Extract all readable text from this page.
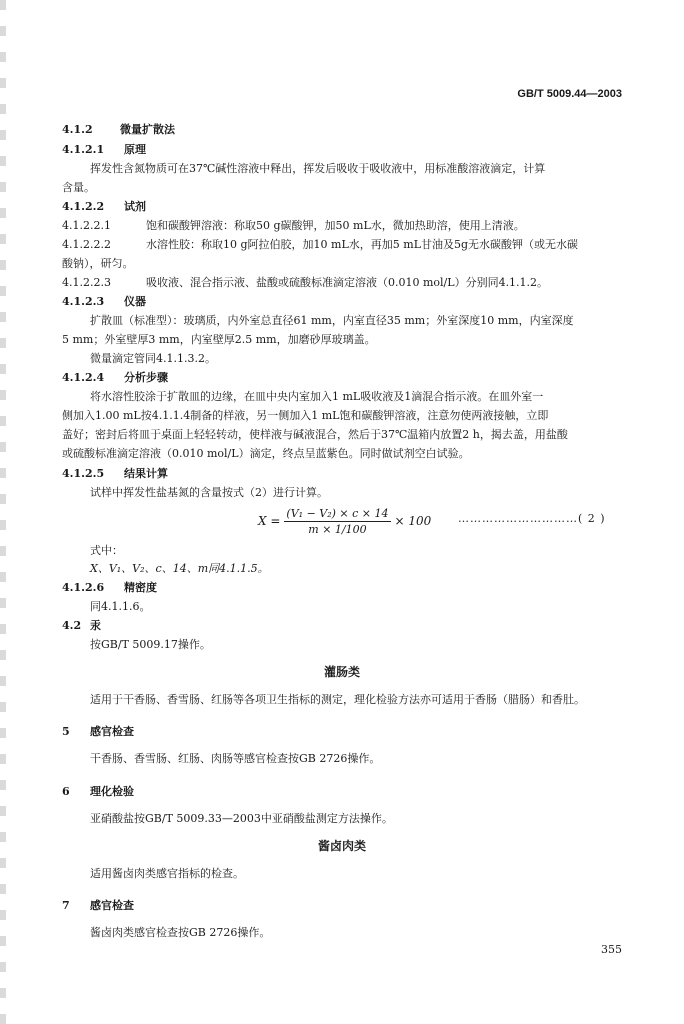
GB/T 5009.44—2003
4.1.2 微量扩散法
4.1.2.1 原理
挥发性含氮物质可在37℃碱性溶液中释出，挥发后吸收于吸收液中，用标准酸溶液滴定，计算
含量。
4.1.2.2 试剂
4.1.2.2.1	饱和碳酸钾溶液：称取50 g碳酸钾，加50 mL水，微加热助溶，使用上清液。
4.1.2.2.2	水溶性胶：称取10 g阿拉伯胶，加10 mL水，再加5 mL甘油及5g无水碳酸钾（或无水碳
酸钠），研匀。
4.1.2.2.3	吸收液、混合指示液、盐酸或硫酸标准滴定溶液（0.010 mol/L）分别同4.1.1.2。
4.1.2.3 仪器
扩散皿（标准型）：玻璃质，内外室总直径61 mm，内室直径35 mm；外室深度10 mm，内室深度
5 mm；外室壁厚3 mm，内室壁厚2.5 mm，加磨砂厚玻璃盖。
微量滴定管同4.1.1.3.2。
4.1.2.4 分析步骤
将水溶性胶涂于扩散皿的边缘，在皿中央内室加入1 mL吸收液及1滴混合指示液。在皿外室一
侧加入1.00 mL按4.1.1.4制备的样液，另一侧加入1 mL饱和碳酸钾溶液，注意勿使两液接触，立即
盖好；密封后将皿于桌面上轻轻转动，使样液与碱液混合，然后于37℃温箱内放置2 h，揭去盖，用盐酸
或硫酸标准滴定溶液（0.010 mol/L）滴定，终点呈蓝紫色。同时做试剂空白试验。
4.1.2.5 结果计算
试样中挥发性盐基氮的含量按式（2）进行计算。
$X = \frac{\text{(V₁ − V₂) × c × 14}}{m \times 1/100} \times 100$ …………………………( 2 )
式中：
X、V₁、V₂、c、14、m同4.1.1.5。
4.1.2.6 精密度
同4.1.1.6。
4.2 汞
按GB/T 5009.17操作。
灌肠类
适用于干香肠、香雪肠、红肠等各项卫生指标的测定，理化检验方法亦可适用于香肠（腊肠）和香肚。
5 感官检查
干香肠、香雪肠、红肠、肉肠等感官检查按GB 2726操作。
6 理化检验
亚硝酸盐按GB/T 5009.33—2003中亚硝酸盐测定方法操作。
酱卤肉类
适用酱卤肉类感官指标的检查。
7 感官检查
酱卤肉类感官检查按GB 2726操作。
355
